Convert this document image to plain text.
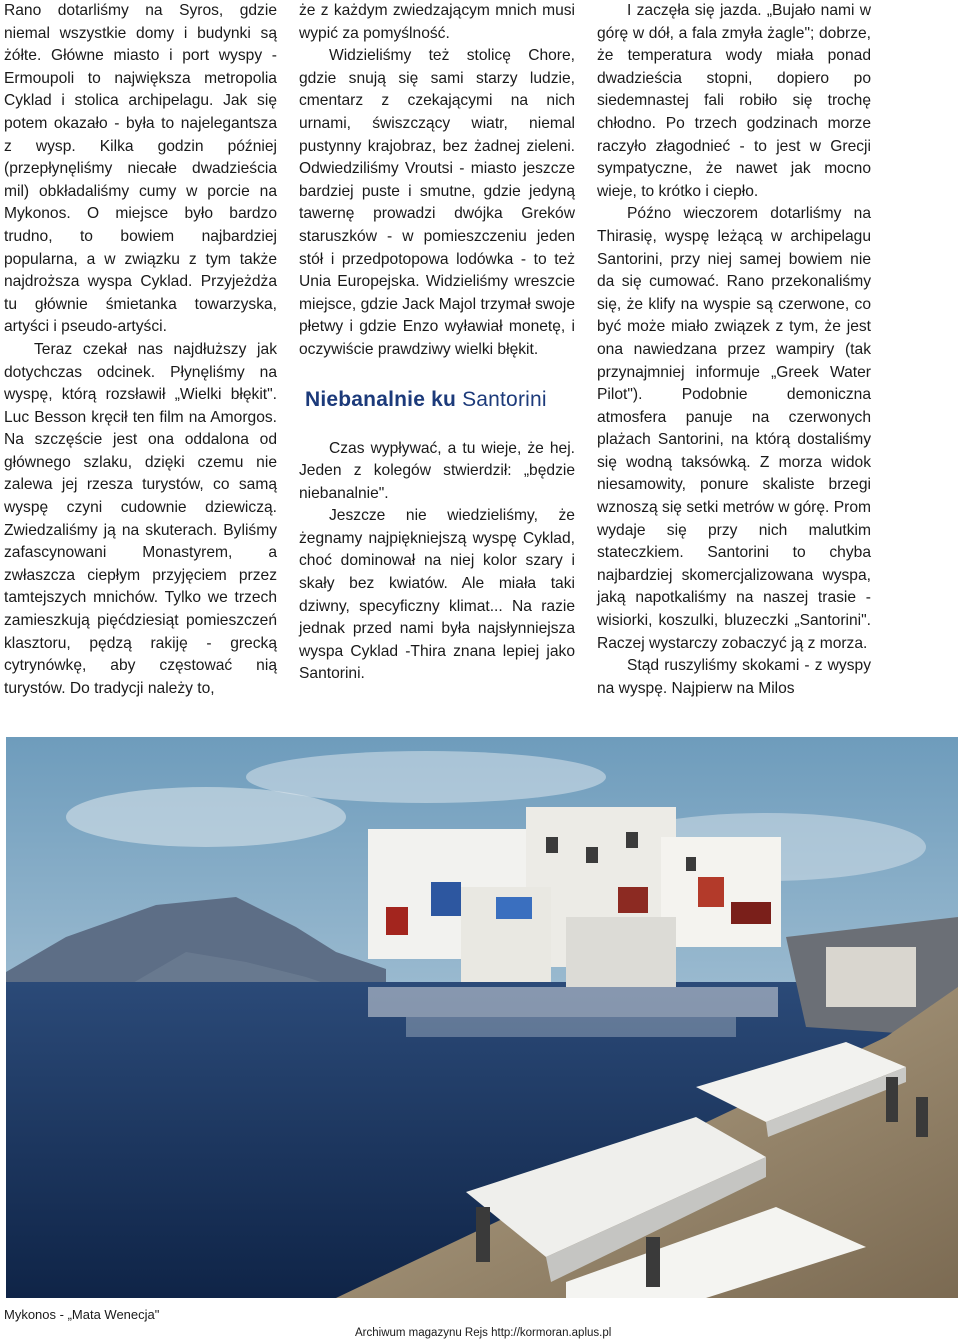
Rano dotarliśmy na Syros, gdzie niemal wszystkie domy i budynki są żółte. Główne miasto i port wyspy - Ermoupoli to największa metropolia Cyklad i stolica archipelagu. Jak się potem okazało - była to najelegantsza z wysp. Kilka godzin później (przepłynęliśmy niecałe dwadzieścia mil) obkładaliśmy cumy w porcie na Mykonos. O miejsce było bardzo trudno, to bowiem najbardziej popularna, a w związku z tym także najdroższa wyspa Cyklad. Przyjeżdża tu głównie śmietanka towarzyska, artyści i pseudo-artyści.

Teraz czekał nas najdłuższy jak dotychczas odcinek. Płynęliśmy na wyspę, którą rozsławił „Wielki błękit". Luc Besson kręcił ten film na Amorgos. Na szczęście jest ona oddalona od głównego szlaku, dzięki czemu nie zalewa jej rzesza turystów, co samą wyspę czyni cudownie dziewiczą. Zwiedzaliśmy ją na skuterach. Byliśmy zafascynowani Monastyrem, a zwłaszcza ciepłym przyjęciem przez tamtejszych mnichów. Tylko we trzech zamieszkują pięćdziesiąt pomieszczeń klasztoru, pędzą rakiję - grecką cytrynówkę, aby częstować nią turystów. Do tradycji należy to,

że z każdym zwiedzającym mnich musi wypić za pomyślność.

Widzieliśmy też stolicę Chore, gdzie snują się sami starzy ludzie, cmentarz z czekającymi na nich urnami, świszczący wiatr, niemal pustynny krajobraz, bez żadnej zieleni. Odwiedziliśmy Vroutsi - miasto jeszcze bardziej puste i smutne, gdzie jedyną tawernę prowadzi dwójka Greków staruszków - w pomieszczeniu jeden stół i przedpotopowa lodówka - to też Unia Europejska. Widzieliśmy wreszcie miejsce, gdzie Jack Majol trzymał swoje płetwy i gdzie Enzo wyławiał monetę, i oczywiście prawdziwy wielki błękit.

Niebanalnie ku Santorini

Czas wypływać, a tu wieje, że hej. Jeden z kolegów stwierdził: „będzie niebanalnie".

Jeszcze nie wiedzieliśmy, że żegnamy najpiękniejszą wyspę Cyklad, choć dominował na niej kolor szary i skały bez kwiatów. Ale miała taki dziwny, specyficzny klimat... Na razie jednak przed nami była najsłynniejsza wyspa Cyklad -Thira znana lepiej jako Santorini.

I zaczęła się jazda. „Bujało nami w górę w dół, a fala zmyła żagle"; dobrze, że temperatura wody miała ponad dwadzieścia stopni, dopiero po siedemnastej fali robiło się trochę chłodno. Po trzech godzinach morze raczyło złagodnieć - to jest w Grecji sympatyczne, że nawet jak mocno wieje, to krótko i ciepło.

Późno wieczorem dotarliśmy na Thirasię, wyspę leżącą w archipelagu Santorini, przy niej samej bowiem nie da się cumować. Rano przekonaliśmy się, że klify na wyspie są czerwone, co być może miało związek z tym, że jest ona nawiedzana przez wampiry (tak przynajmniej informuje „Greek Water Pilot"). Podobnie demoniczna atmosfera panuje na czerwonych plażach Santorini, na którą dostaliśmy się wodną taksówką. Z morza widok niesamowity, ponure skaliste brzegi wznoszą się setki metrów w górę. Prom wydaje się przy nich malutkim stateczkiem. Santorini to chyba najbardziej skomercjalizowana wyspa, jaką napotkaliśmy na naszej trasie - wisiorki, koszulki, bluzeczki „Santorini". Raczej wystarczy zobaczyć ją z morza.

Stąd ruszyliśmy skokami - z wyspy na wyspę. Najpierw na Milos

Mykonos - „Mata Wenecja"
Archiwum magazynu Rejs http://kormoran.aplus.pl
